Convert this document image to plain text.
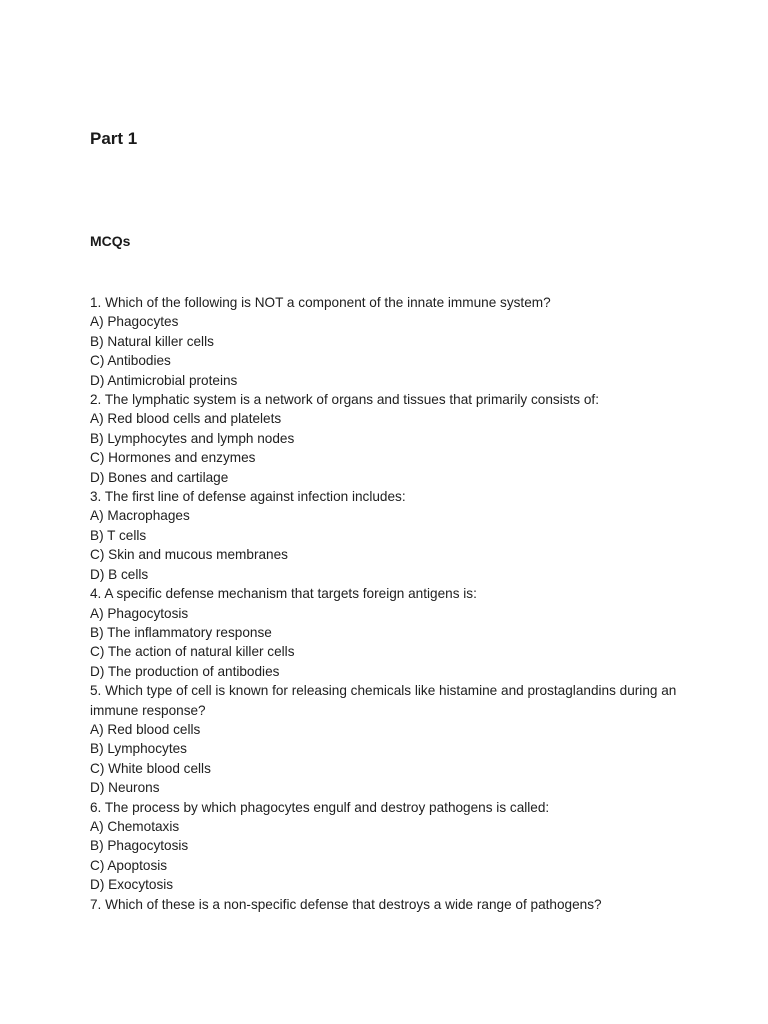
Part 1
MCQs
1. Which of the following is NOT a component of the innate immune system?
A) Phagocytes
B) Natural killer cells
C) Antibodies
D) Antimicrobial proteins
2. The lymphatic system is a network of organs and tissues that primarily consists of:
A) Red blood cells and platelets
B) Lymphocytes and lymph nodes
C) Hormones and enzymes
D) Bones and cartilage
3. The first line of defense against infection includes:
A) Macrophages
B) T cells
C) Skin and mucous membranes
D) B cells
4. A specific defense mechanism that targets foreign antigens is:
A) Phagocytosis
B) The inflammatory response
C) The action of natural killer cells
D) The production of antibodies
5. Which type of cell is known for releasing chemicals like histamine and prostaglandins during an immune response?
A) Red blood cells
B) Lymphocytes
C) White blood cells
D) Neurons
6. The process by which phagocytes engulf and destroy pathogens is called:
A) Chemotaxis
B) Phagocytosis
C) Apoptosis
D) Exocytosis
7. Which of these is a non-specific defense that destroys a wide range of pathogens?
